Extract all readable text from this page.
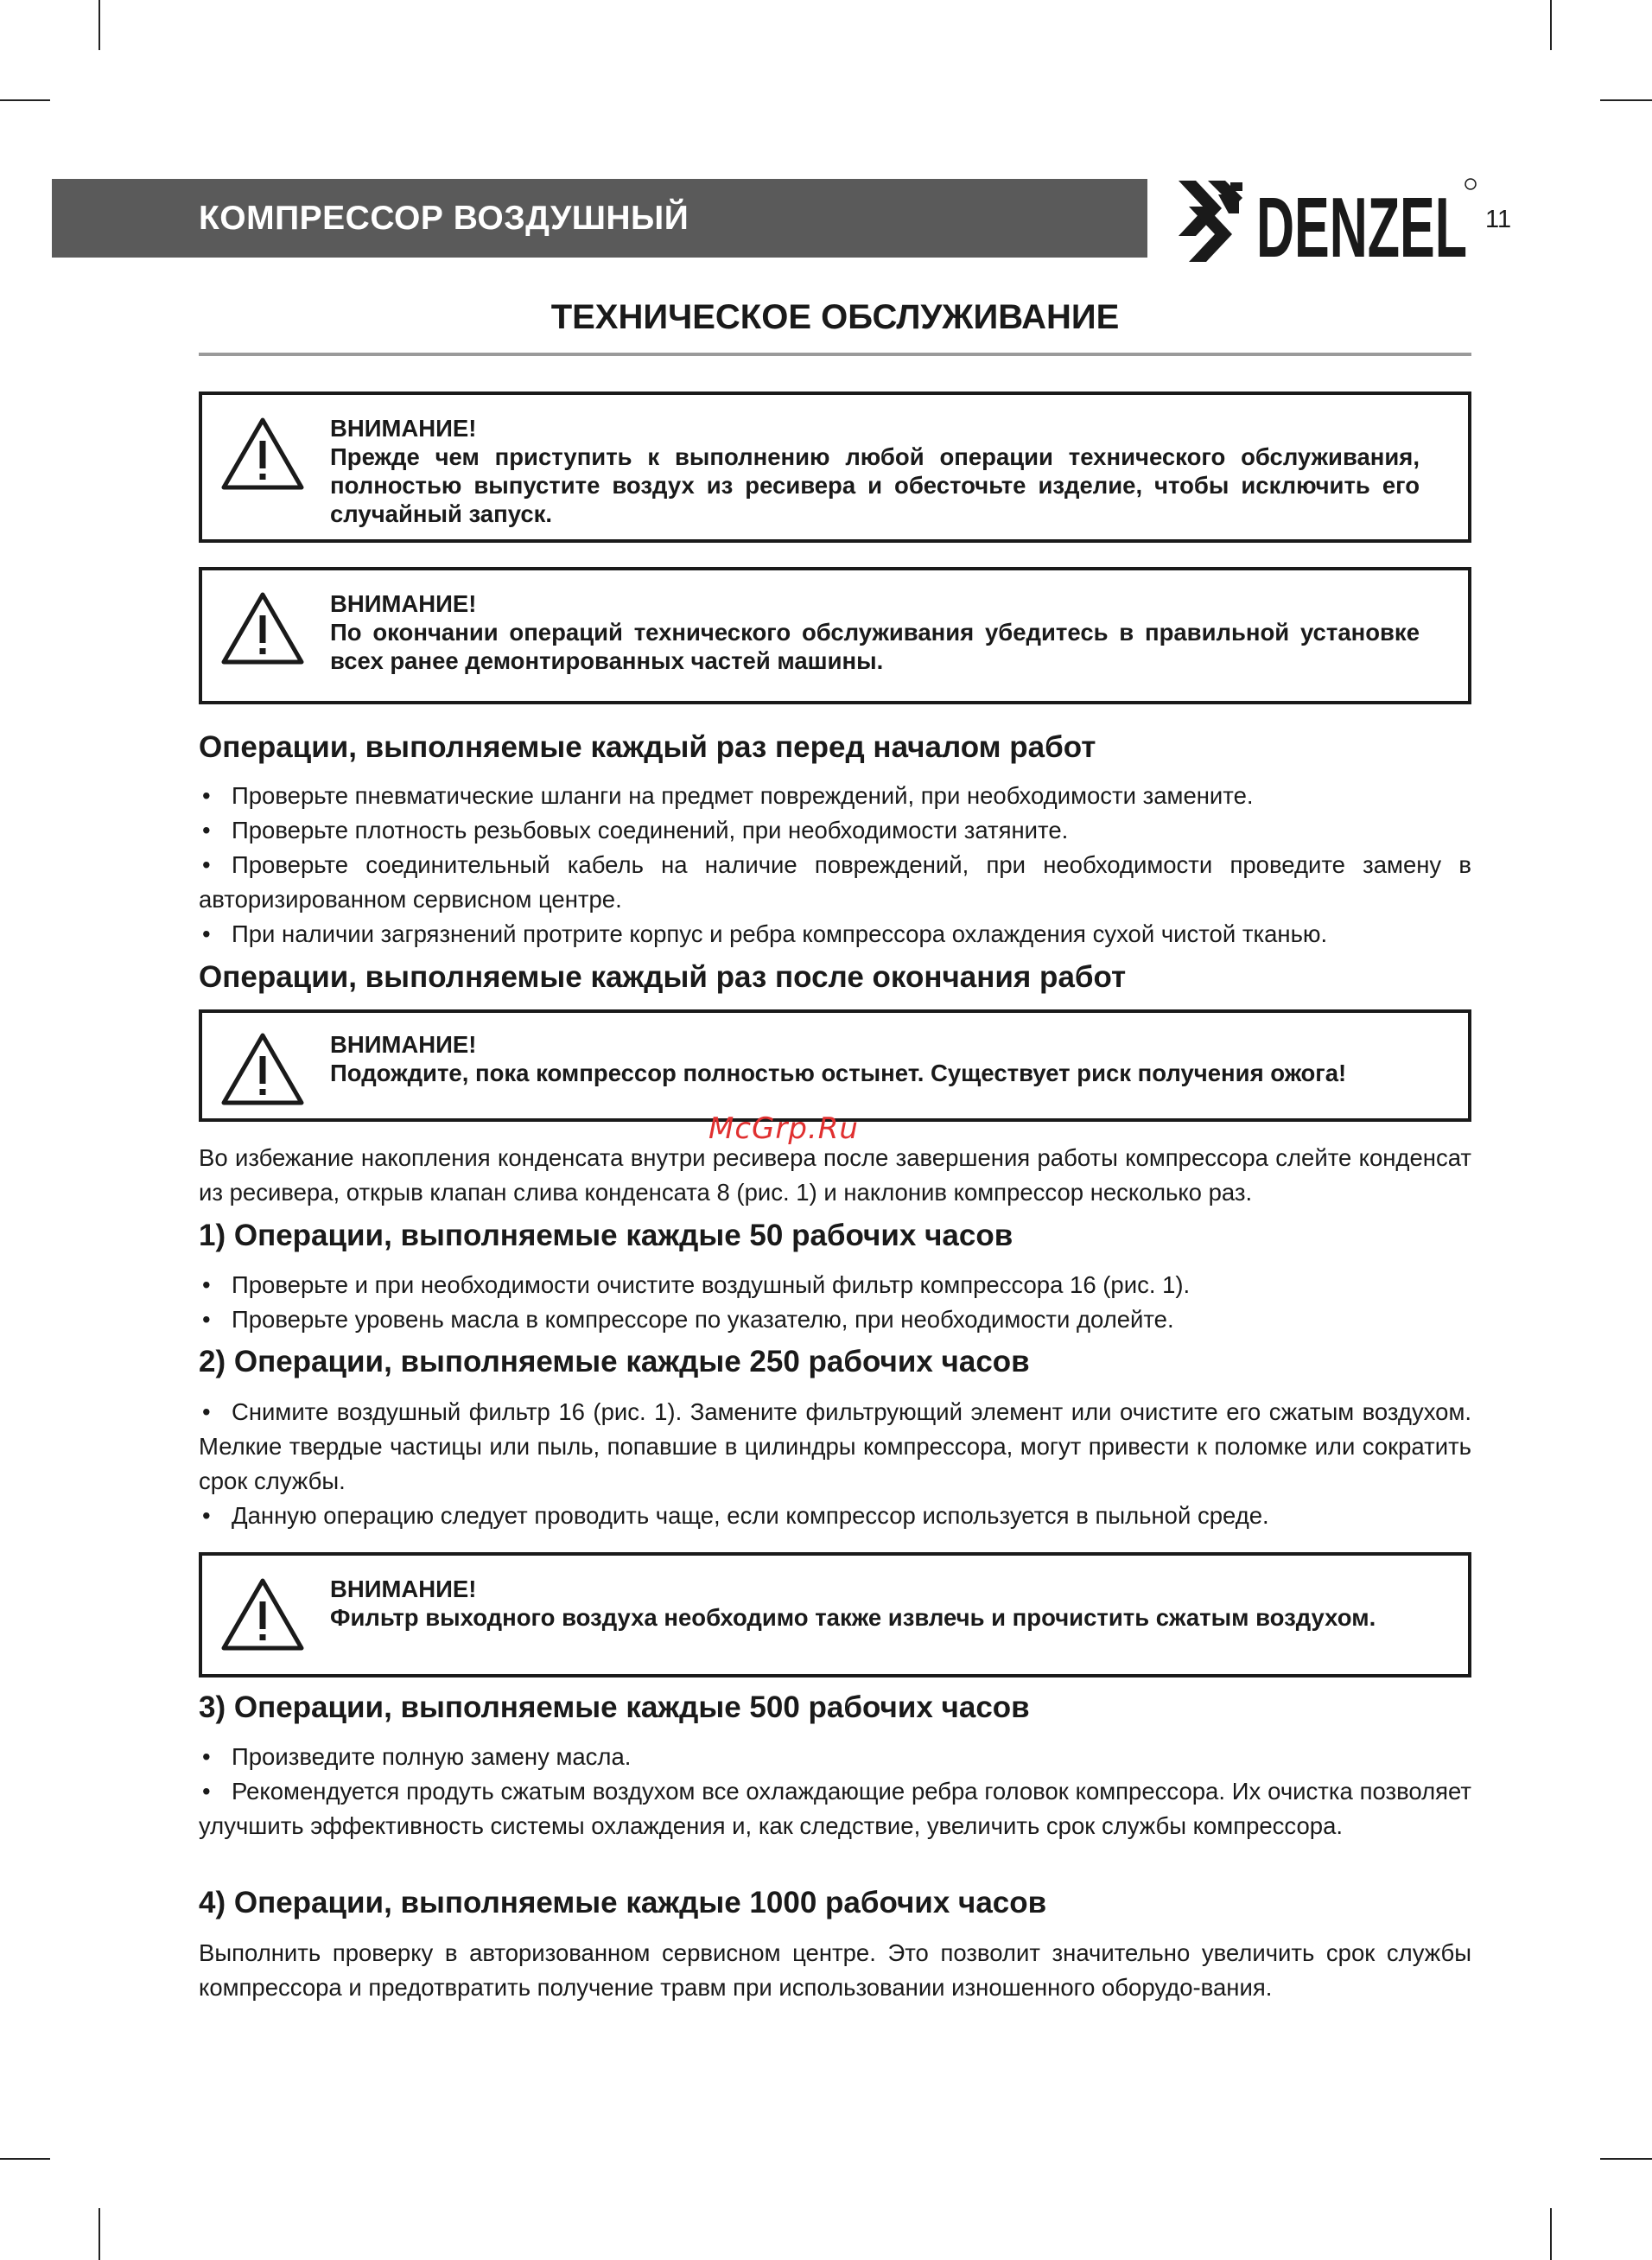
КОМПРЕССОР ВОЗДУШНЫЙ	DENZEL 11
ТЕХНИЧЕСКОЕ ОБСЛУЖИВАНИЕ
ВНИМАНИЕ!
Прежде чем приступить к выполнению любой операции технического обслуживания, полностью выпустите воздух из ресивера и обесточьте изделие, чтобы исключить его случайный запуск.
ВНИМАНИЕ!
По окончании операций технического обслуживания убедитесь в правильной установке всех ранее демонтированных частей машины.
Операции, выполняемые каждый раз перед началом работ
• Проверьте пневматические шланги на предмет повреждений, при необходимости замените.
• Проверьте плотность резьбовых соединений, при необходимости затяните.
• Проверьте соединительный кабель на наличие повреждений, при необходимости проведите замену в авторизированном сервисном центре.
• При наличии загрязнений протрите корпус и ребра компрессора охлаждения сухой чистой тканью.
Операции, выполняемые каждый раз после окончания работ
ВНИМАНИЕ!
Подождите, пока компрессор полностью остынет. Существует риск получения ожога!
McGrp.Ru
Во избежание накопления конденсата внутри ресивера после завершения работы компрессора слейте конденсат из ресивера, открыв клапан слива конденсата 8 (рис. 1) и наклонив компрессор несколько раз.
1) Операции, выполняемые каждые 50 рабочих часов
• Проверьте и при необходимости очистите воздушный фильтр компрессора 16 (рис. 1).
• Проверьте уровень масла в компрессоре по указателю, при необходимости долейте.
2) Операции, выполняемые каждые 250 рабочих часов
• Снимите воздушный фильтр 16 (рис. 1). Замените фильтрующий элемент или очистите его сжатым воздухом. Мелкие твердые частицы или пыль, попавшие в цилиндры компрессора, могут привести к поломке или сократить срок службы.
• Данную операцию следует проводить чаще, если компрессор используется в пыльной среде.
ВНИМАНИЕ!
Фильтр выходного воздуха необходимо также извлечь и прочистить сжатым воздухом.
3) Операции, выполняемые каждые 500 рабочих часов
• Произведите полную замену масла.
• Рекомендуется продуть сжатым воздухом все охлаждающие ребра головок компрессора. Их очистка позволяет улучшить эффективность системы охлаждения и, как следствие, увеличить срок службы компрессора.
4) Операции, выполняемые каждые 1000 рабочих часов
Выполнить проверку в авторизованном сервисном центре. Это позволит значительно увеличить срок службы компрессора и предотвратить получение травм при использовании изношенного оборудо-вания.
